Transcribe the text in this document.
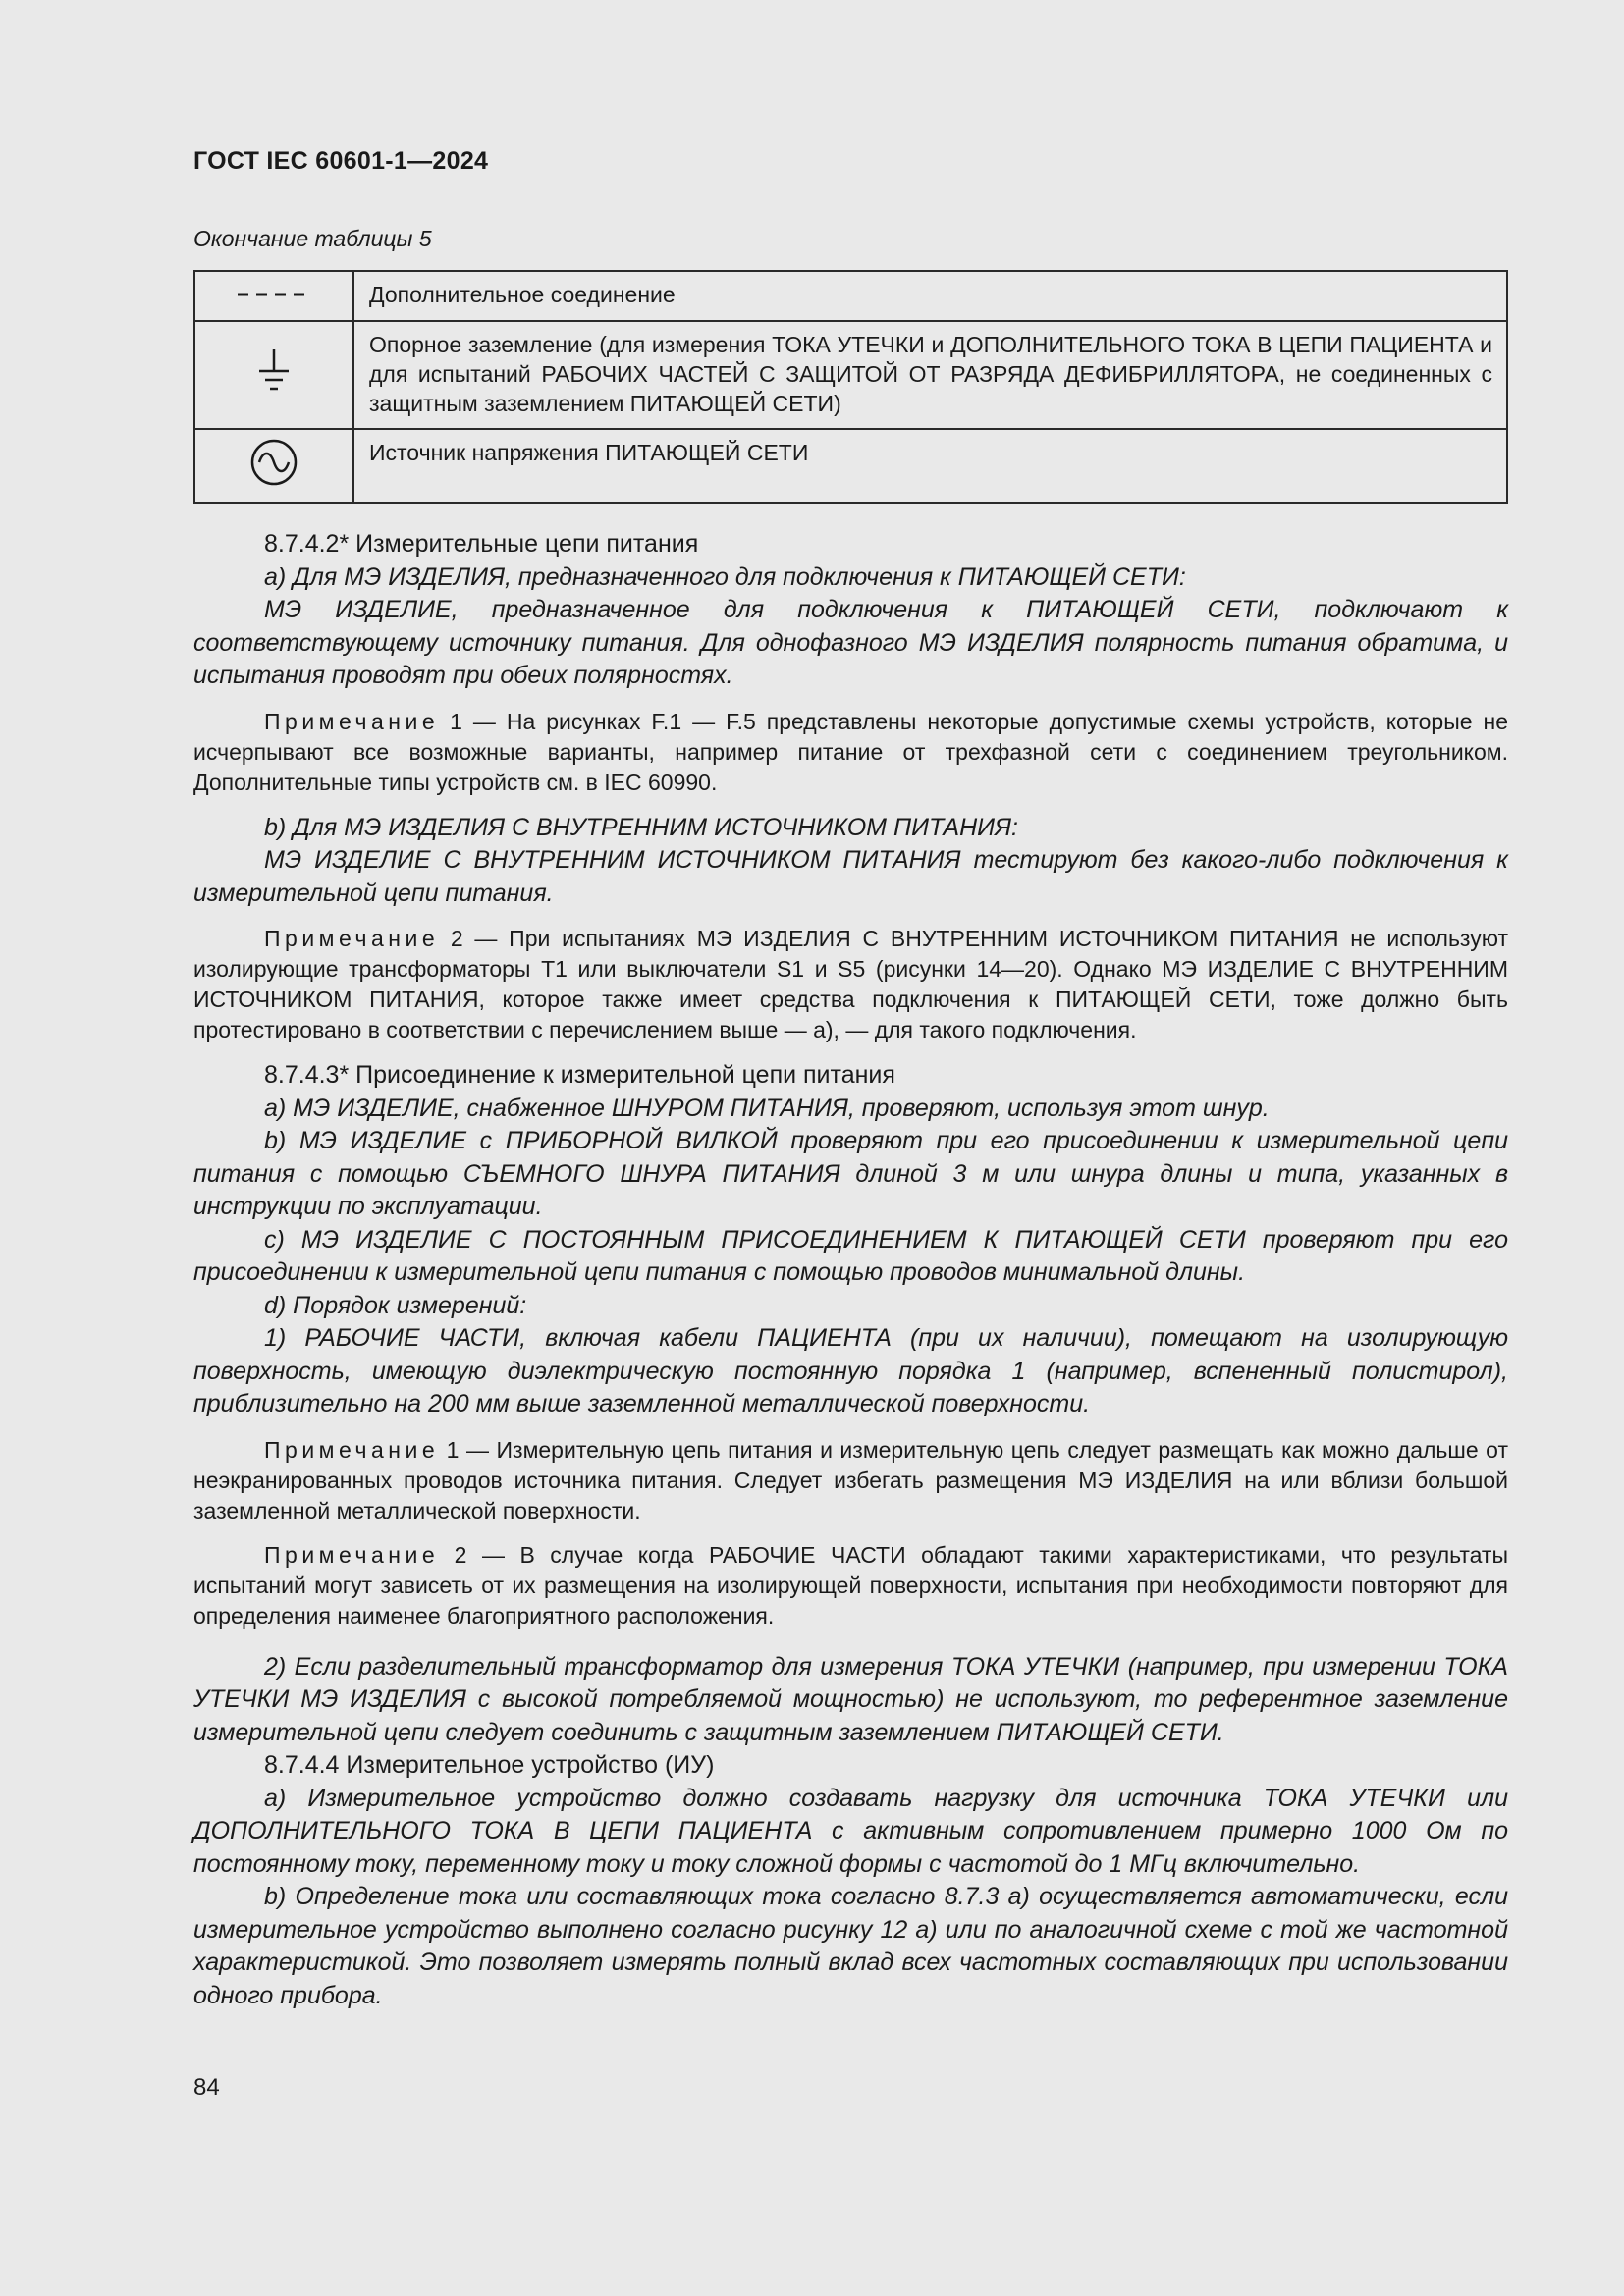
ГОСТ IEC 60601-1—2024
Окончание таблицы 5
	Дополнительное соединение
	Опорное заземление (для измерения ТОКА УТЕЧКИ и ДОПОЛНИТЕЛЬНОГО ТОКА В ЦЕПИ ПАЦИЕНТА и для испытаний РАБОЧИХ ЧАСТЕЙ С ЗАЩИТОЙ ОТ РАЗРЯДА ДЕФИБРИЛЛЯТОРА, не соединенных с защитным заземлением ПИТАЮЩЕЙ СЕТИ)
	Источник напряжения ПИТАЮЩЕЙ СЕТИ

8.7.4.2* Измерительные цепи питания

а) Для МЭ ИЗДЕЛИЯ, предназначенного для подключения к ПИТАЮЩЕЙ СЕТИ:

МЭ ИЗДЕЛИЕ, предназначенное для подключения к ПИТАЮЩЕЙ СЕТИ, подключают к соответствующему источнику питания. Для однофазного МЭ ИЗДЕЛИЯ полярность питания обратима, и испытания проводят при обеих полярностях.

Примечание 1 — На рисунках F.1 — F.5 представлены некоторые допустимые схемы устройств, которые не исчерпывают все возможные варианты, например питание от трехфазной сети с соединением треугольником. Дополнительные типы устройств см. в IEC 60990.

b) Для МЭ ИЗДЕЛИЯ С ВНУТРЕННИМ ИСТОЧНИКОМ ПИТАНИЯ:

МЭ ИЗДЕЛИЕ С ВНУТРЕННИМ ИСТОЧНИКОМ ПИТАНИЯ тестируют без какого-либо подключения к измерительной цепи питания.

Примечание 2 — При испытаниях МЭ ИЗДЕЛИЯ С ВНУТРЕННИМ ИСТОЧНИКОМ ПИТАНИЯ не используют изолирующие трансформаторы Т1 или выключатели S1 и S5 (рисунки 14—20). Однако МЭ ИЗДЕЛИЕ С ВНУТРЕННИМ ИСТОЧНИКОМ ПИТАНИЯ, которое также имеет средства подключения к ПИТАЮЩЕЙ СЕТИ, тоже должно быть протестировано в соответствии с перечислением выше — а), — для такого подключения.

8.7.4.3* Присоединение к измерительной цепи питания

а) МЭ ИЗДЕЛИЕ, снабженное ШНУРОМ ПИТАНИЯ, проверяют, используя этот шнур.

b) МЭ ИЗДЕЛИЕ с ПРИБОРНОЙ ВИЛКОЙ проверяют при его присоединении к измерительной цепи питания с помощью СЪЕМНОГО ШНУРА ПИТАНИЯ длиной 3 м или шнура длины и типа, указанных в инструкции по эксплуатации.

с) МЭ ИЗДЕЛИЕ С ПОСТОЯННЫМ ПРИСОЕДИНЕНИЕМ К ПИТАЮЩЕЙ СЕТИ проверяют при его присоединении к измерительной цепи питания с помощью проводов минимальной длины.

d) Порядок измерений:

1) РАБОЧИЕ ЧАСТИ, включая кабели ПАЦИЕНТА (при их наличии), помещают на изолирующую поверхность, имеющую диэлектрическую постоянную порядка 1 (например, вспененный полистирол), приблизительно на 200 мм выше заземленной металлической поверхности.

Примечание 1 — Измерительную цепь питания и измерительную цепь следует размещать как можно дальше от неэкранированных проводов источника питания. Следует избегать размещения МЭ ИЗДЕЛИЯ на или вблизи большой заземленной металлической поверхности.

Примечание 2 — В случае когда РАБОЧИЕ ЧАСТИ обладают такими характеристиками, что результаты испытаний могут зависеть от их размещения на изолирующей поверхности, испытания при необходимости повторяют для определения наименее благоприятного расположения.

2) Если разделительный трансформатор для измерения ТОКА УТЕЧКИ (например, при измерении ТОКА УТЕЧКИ МЭ ИЗДЕЛИЯ с высокой потребляемой мощностью) не используют, то референтное заземление измерительной цепи следует соединить с защитным заземлением ПИТАЮЩЕЙ СЕТИ.

8.7.4.4 Измерительное устройство (ИУ)

а) Измерительное устройство должно создавать нагрузку для источника ТОКА УТЕЧКИ или ДОПОЛНИТЕЛЬНОГО ТОКА В ЦЕПИ ПАЦИЕНТА с активным сопротивлением примерно 1000 Ом по постоянному току, переменному току и току сложной формы с частотой до 1 МГц включительно.

b) Определение тока или составляющих тока согласно 8.7.3 а) осуществляется автоматически, если измерительное устройство выполнено согласно рисунку 12 а) или по аналогичной схеме с той же частотной характеристикой. Это позволяет измерять полный вклад всех частотных составляющих при использовании одного прибора.

84
